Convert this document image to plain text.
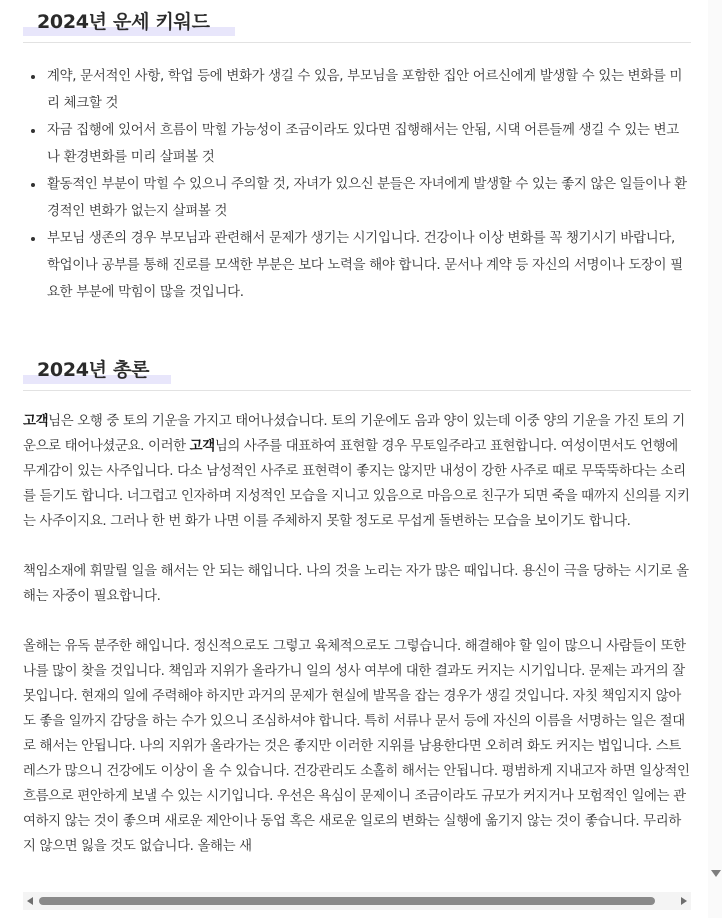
2024년 운세 키워드
• 계약, 문서적인 사항, 학업 등에 변화가 생길 수 있음, 부모님을 포함한 집안 어르신에게 발생할 수 있는 변화를 미리 체크할 것
• 자금 집행에 있어서 흐름이 막힐 가능성이 조금이라도 있다면 집행해서는 안됨, 시댁 어른들께 생길 수 있는 변고나 환경변화를 미리 살펴볼 것
• 활동적인 부분이 막힐 수 있으니 주의할 것, 자녀가 있으신 분들은 자녀에게 발생할 수 있는 좋지 않은 일들이나 환경적인 변화가 없는지 살펴볼 것
• 부모님 생존의 경우 부모님과 관련해서 문제가 생기는 시기입니다. 건강이나 이상 변화를 꼭 챙기시기 바랍니다, 학업이나 공부를 통해 진로를 모색한 부분은 보다 노력을 해야 합니다. 문서나 계약 등 자신의 서명이나 도장이 필요한 부분에 막힘이 많을 것입니다.
2024년 총론

고객님은 오행 중 토의 기운을 가지고 태어나셨습니다. 토의 기운에도 음과 양이 있는데 이중 양의 기운을 가진 토의 기운으로 태어나셨군요. 이러한 고객님의 사주를 대표하여 표현할 경우 무토일주라고 표현합니다. 여성이면서도 언행에 무게감이 있는 사주입니다. 다소 남성적인 사주로 표현력이 좋지는 않지만 내성이 강한 사주로 때로 무뚝뚝하다는 소리를 듣기도 합니다. 너그럽고 인자하며 지성적인 모습을 지니고 있음으로 마음으로 친구가 되면 죽을 때까지 신의를 지키는 사주이지요. 그러나 한 번 화가 나면 이를 주체하지 못할 정도로 무섭게 돌변하는 모습을 보이기도 합니다.

책임소재에 휘말릴 일을 해서는 안 되는 해입니다. 나의 것을 노리는 자가 많은 때입니다. 용신이 극을 당하는 시기로 올해는 자중이 필요합니다.

올해는 유독 분주한 해입니다. 정신적으로도 그렇고 육체적으로도 그렇습니다. 해결해야 할 일이 많으니 사람들이 또한 나를 많이 찾을 것입니다. 책임과 지위가 올라가니 일의 성사 여부에 대한 결과도 커지는 시기입니다. 문제는 과거의 잘못입니다. 현재의 일에 주력해야 하지만 과거의 문제가 현실에 발목을 잡는 경우가 생길 것입니다. 자칫 책임지지 않아도 좋을 일까지 감당을 하는 수가 있으니 조심하셔야 합니다. 특히 서류나 문서 등에 자신의 이름을 서명하는 일은 절대로 해서는 안됩니다. 나의 지위가 올라가는 것은 좋지만 이러한 지위를 남용한다면 오히려 화도 커지는 법입니다. 스트레스가 많으니 건강에도 이상이 올 수 있습니다. 건강관리도 소홀히 해서는 안됩니다. 평범하게 지내고자 하면 일상적인 흐름으로 편안하게 보낼 수 있는 시기입니다. 우선은 욕심이 문제이니 조금이라도 규모가 커지거나 모험적인 일에는 관여하지 않는 것이 좋으며 새로운 제안이나 동업 혹은 새로운 일로의 변화는 실행에 옮기지 않는 것이 좋습니다. 무리하지 않으면 잃을 것도 없습니다. 올해는 새
